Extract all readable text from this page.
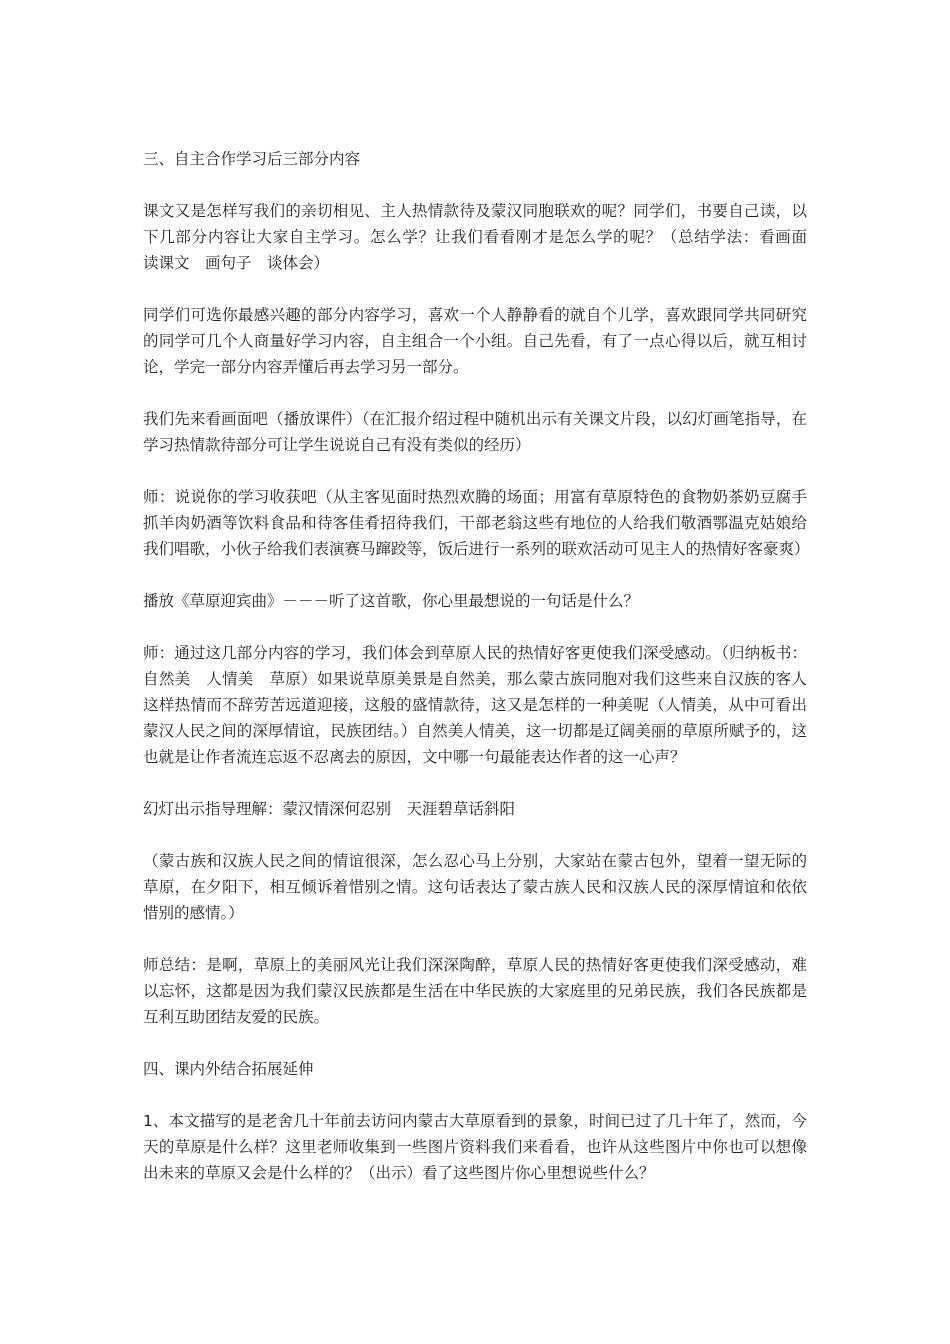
三、自主合作学习后三部分内容

课文又是怎样写我们的亲切相见、主人热情款待及蒙汉同胞联欢的呢？同学们，书要自己读，以下几部分内容让大家自主学习。怎么学？让我们看看刚才是怎么学的呢？（总结学法：看画面　读课文　画句子　谈体会）

同学们可选你最感兴趣的部分内容学习，喜欢一个人静静看的就自个儿学，喜欢跟同学共同研究的同学可几个人商量好学习内容，自主组合一个小组。自己先看，有了一点心得以后，就互相讨论，学完一部分内容弄懂后再去学习另一部分。

我们先来看画面吧（播放课件）（在汇报介绍过程中随机出示有关课文片段，以幻灯画笔指导，在学习热情款待部分可让学生说说自己有没有类似的经历）

师：说说你的学习收获吧（从主客见面时热烈欢腾的场面；用富有草原特色的食物奶茶奶豆腐手抓羊肉奶酒等饮料食品和待客佳肴招待我们，干部老翁这些有地位的人给我们敬酒鄂温克姑娘给我们唱歌，小伙子给我们表演赛马蹿跤等，饭后进行一系列的联欢活动可见主人的热情好客豪爽）

播放《草原迎宾曲》－－－听了这首歌，你心里最想说的一句话是什么？

师：通过这几部分内容的学习，我们体会到草原人民的热情好客更使我们深受感动。（归纳板书：自然美　人情美　草原）如果说草原美景是自然美，那么蒙古族同胞对我们这些来自汉族的客人这样热情而不辞劳苦远道迎接，这般的盛情款待，这又是怎样的一种美呢（人情美，从中可看出蒙汉人民之间的深厚情谊，民族团结。）自然美人情美，这一切都是辽阔美丽的草原所赋予的，这也就是让作者流连忘返不忍离去的原因，文中哪一句最能表达作者的这一心声？

幻灯出示指导理解：蒙汉情深何忍别　天涯碧草话斜阳

（蒙古族和汉族人民之间的情谊很深，怎么忍心马上分别，大家站在蒙古包外，望着一望无际的草原，在夕阳下，相互倾诉着惜别之情。这句话表达了蒙古族人民和汉族人民的深厚情谊和依依惜别的感情。）

师总结：是啊，草原上的美丽风光让我们深深陶醉，草原人民的热情好客更使我们深受感动，难以忘怀，这都是因为我们蒙汉民族都是生活在中华民族的大家庭里的兄弟民族，我们各民族都是互利互助团结友爱的民族。

四、课内外结合拓展延伸

1、本文描写的是老舍几十年前去访问内蒙古大草原看到的景象，时间已过了几十年了，然而，今天的草原是什么样？这里老师收集到一些图片资料我们来看看，也许从这些图片中你也可以想像出未来的草原又会是什么样的？（出示）看了这些图片你心里想说些什么？
